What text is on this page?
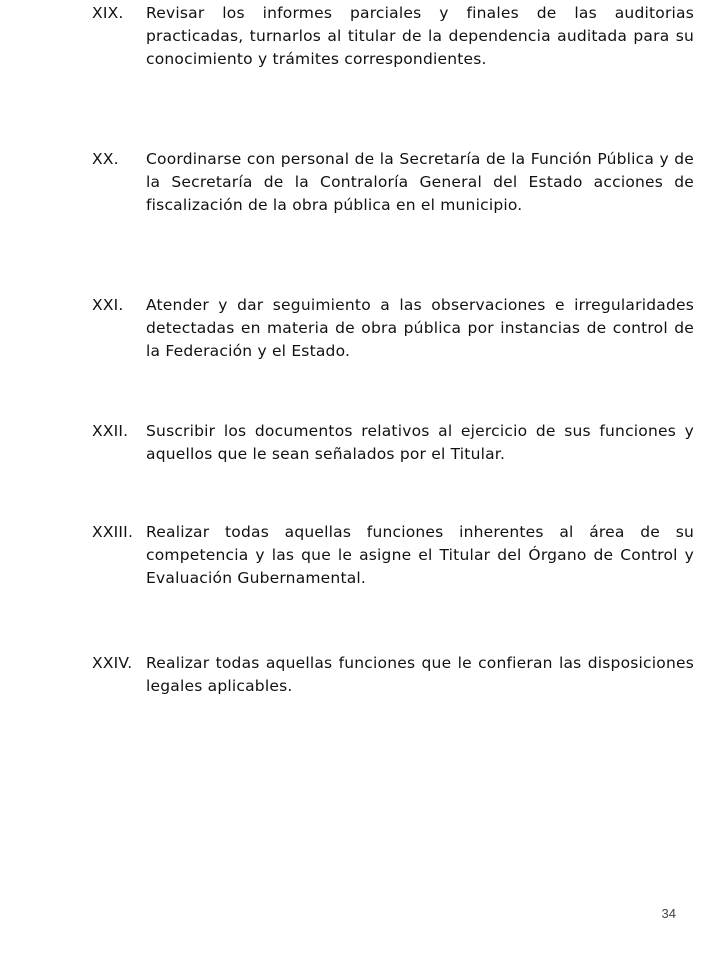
XIX.	Revisar los informes parciales y finales de las auditorias practicadas, turnarlos al titular de la dependencia auditada para su conocimiento y trámites correspondientes.
XX.	Coordinarse con personal de la Secretaría de la Función Pública y de la Secretaría de la Contraloría General del Estado acciones de fiscalización de la obra pública en el municipio.
XXI.	Atender y dar seguimiento a las observaciones e irregularidades detectadas en materia de obra pública por instancias de control de la Federación y el Estado.
XXII.	Suscribir los documentos relativos al ejercicio de sus funciones y aquellos que le sean señalados por el Titular.
XXIII. Realizar todas aquellas funciones inherentes al área de su competencia y las que le asigne el Titular del Órgano de Control y Evaluación Gubernamental.
XXIV. Realizar todas aquellas funciones que le confieran las disposiciones legales aplicables.
34
